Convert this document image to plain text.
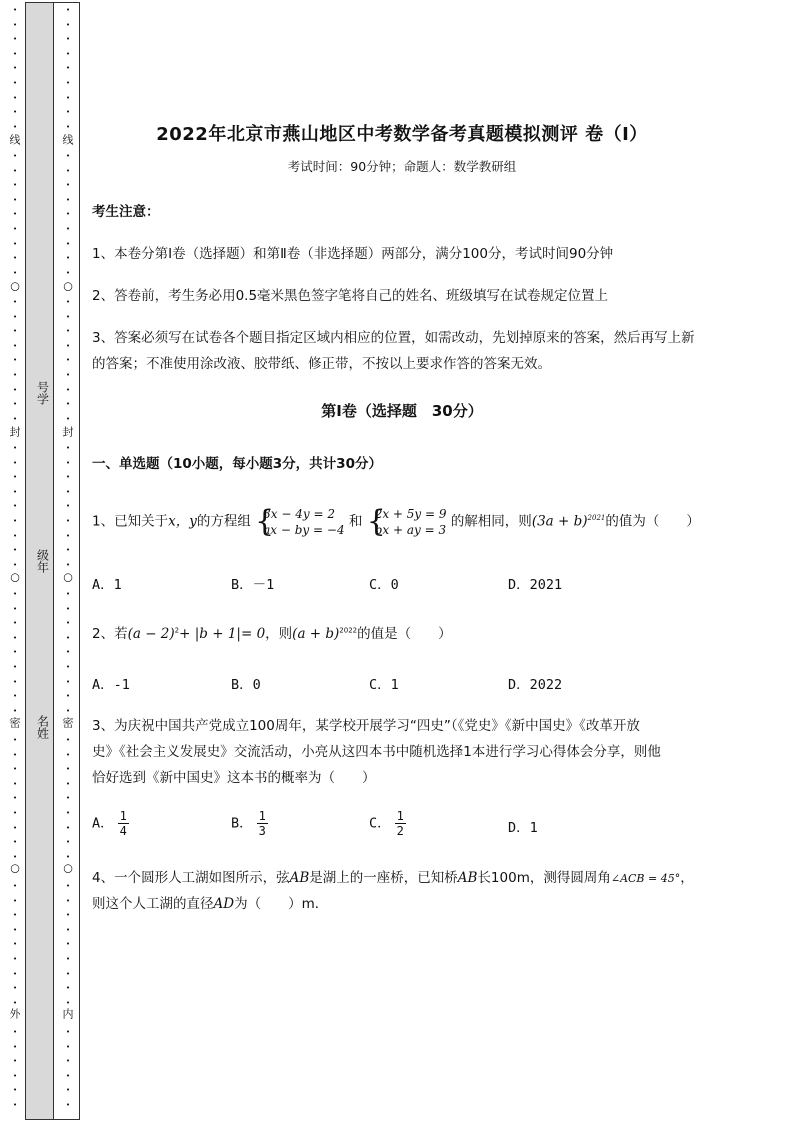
·
·
·
·
·
·
·
·
·
线
·
·
·
·
·
·
·
·
·
○
·
·
·
·
·
·
·
·
·
封
·
·
·
·
·
·
·
·
·
○
·
·
·
·
·
·
·
·
·
密
·
·
·
·
·
·
·
·
·
○
·
·
·
·
·
·
·
·
·
外
·
·
·
·
·
·
·
·
·
·
·
·
·
·
·
线
·
·
·
·
·
·
·
·
·
○
·
·
·
·
·
·
·
·
·
封
·
·
·
·
·
·
·
·
·
○
·
·
·
·
·
·
·
·
·
密
·
·
·
·
·
·
·
·
·
○
·
·
·
·
·
·
·
·
·
内
·
·
·
·
·
·
号学
级年
名姓
2022年北京市燕山地区中考数学备考真题模拟测评 卷（Ⅰ）
考试时间：90分钟；命题人：数学教研组
考生注意：
1、本卷分第I卷（选择题）和第Ⅱ卷（非选择题）两部分，满分100分，考试时间90分钟
2、答卷前，考生务必用0.5毫米黑色签字笔将自己的姓名、班级填写在试卷规定位置上
3、答案必须写在试卷各个题目指定区域内相应的位置，如需改动，先划掉原来的答案，然后再写上新
的答案；不准使用涂改液、胶带纸、修正带，不按以上要求作答的答案无效。
第I卷（选择题　30分）
一、单选题（10小题，每小题3分，共计30分）
1、已知关于x，y的方程组 {
3x − 4y = 2
ax − by = −4 和 {
2x + 5y = 9
bx + ay = 3 的解相同，则$(3a + b)^{2021}$的值为（　　）
A．1	B．－1	C．0	D．2021
2、若$(a - 2)^2+ |b + 1|= 0$，则$(a + b)^{2022}$的值是（　　）
A．-1	B．0	C．1	D．2022
3、为庆祝中国共产党成立100周年，某学校开展学习“四史”（《党史》《新中国史》《改革开放
史》《社会主义发展史》交流活动，小亮从这四本书中随机选择1本进行学习心得体会分享，则他
恰好选到《新中国史》这本书的概率为（　　）
A． $\frac{1}{4}$	B． $\frac{1}{3}$	C． $\frac{1}{2}$	D．1
4、一个圆形人工湖如图所示，弦AB是湖上的一座桥，已知桥AB长100m，测得圆周角∠ACB = 45°，
则这个人工湖的直径AD为（　　）m．
